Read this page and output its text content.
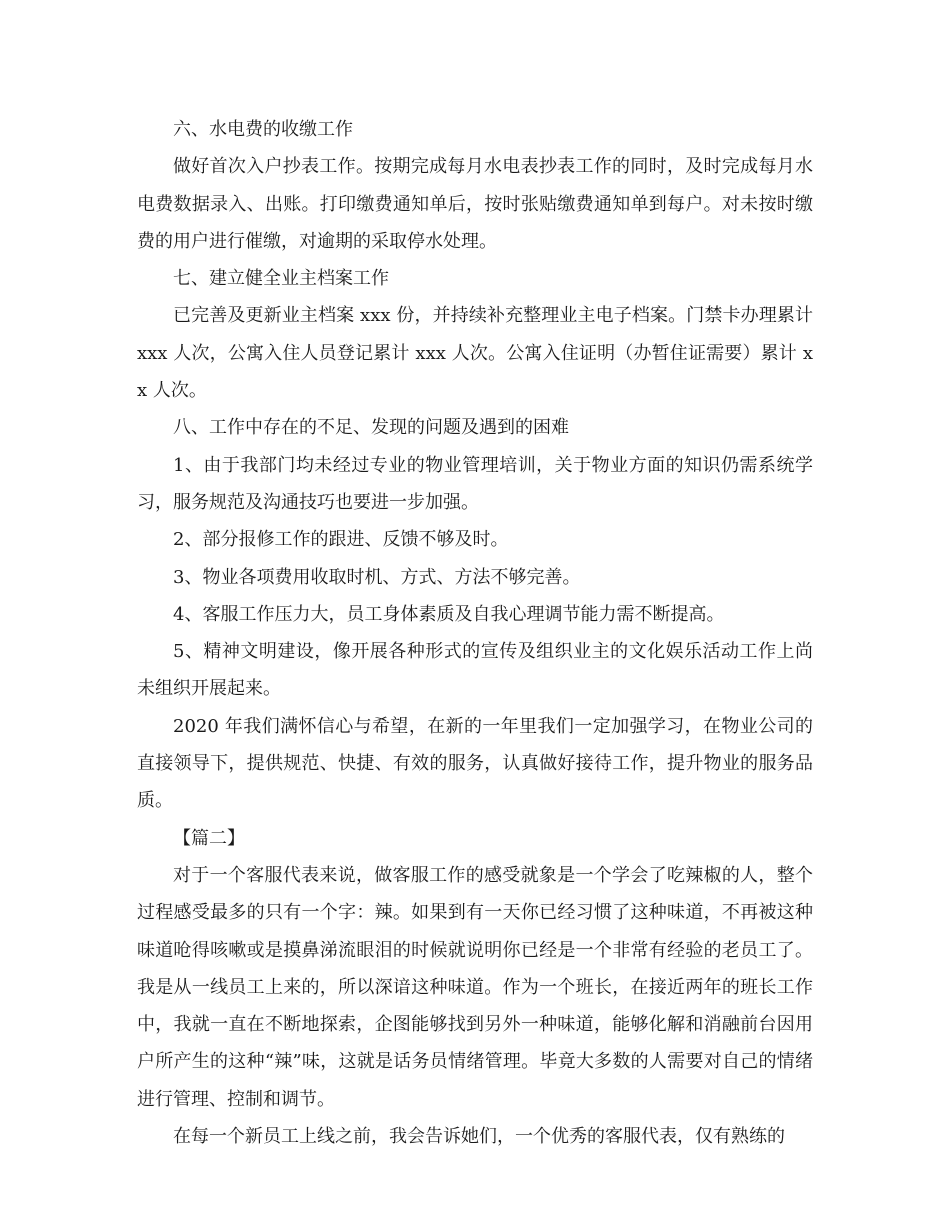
六、水电费的收缴工作

做好首次入户抄表工作。按期完成每月水电表抄表工作的同时，及时完成每月水电费数据录入、出账。打印缴费通知单后，按时张贴缴费通知单到每户。对未按时缴费的用户进行催缴，对逾期的采取停水处理。

七、建立健全业主档案工作

已完善及更新业主档案 xxx 份，并持续补充整理业主电子档案。门禁卡办理累计 xxx 人次，公寓入住人员登记累计 xxx 人次。公寓入住证明（办暂住证需要）累计 xx 人次。

八、工作中存在的不足、发现的问题及遇到的困难

1、由于我部门均未经过专业的物业管理培训，关于物业方面的知识仍需系统学习，服务规范及沟通技巧也要进一步加强。

2、部分报修工作的跟进、反馈不够及时。

3、物业各项费用收取时机、方式、方法不够完善。

4、客服工作压力大，员工身体素质及自我心理调节能力需不断提高。

5、精神文明建设，像开展各种形式的宣传及组织业主的文化娱乐活动工作上尚未组织开展起来。

2020 年我们满怀信心与希望，在新的一年里我们一定加强学习，在物业公司的直接领导下，提供规范、快捷、有效的服务，认真做好接待工作，提升物业的服务品质。

【篇二】

对于一个客服代表来说，做客服工作的感受就象是一个学会了吃辣椒的人，整个过程感受最多的只有一个字：辣。如果到有一天你已经习惯了这种味道，不再被这种味道呛得咳嗽或是摸鼻涕流眼泪的时候就说明你已经是一个非常有经验的老员工了。我是从一线员工上来的，所以深谙这种味道。作为一个班长，在接近两年的班长工作中，我就一直在不断地探索，企图能够找到另外一种味道，能够化解和消融前台因用户所产生的这种“辣”味，这就是话务员情绪管理。毕竟大多数的人需要对自己的情绪进行管理、控制和调节。

在每一个新员工上线之前，我会告诉她们，一个优秀的客服代表，仅有熟练的
